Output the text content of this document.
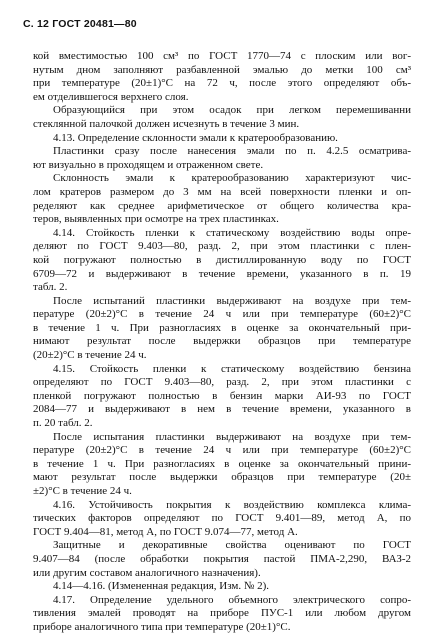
С. 12 ГОСТ 20481—80
кой вместимостью 100 см³ по ГОСТ 1770—74 с плоским или вог-
нутым дном заполняют разбавленной эмалью до метки 100 см³
при температуре (20±1)°С на 72 ч, после этого определяют объ-
ем отделившегося верхнего слоя.
Образующийся при этом осадок при легком перемешиванни
стеклянной палочкой должен исчезнуть в течение 3 мин.
4.13. Определение склонности эмали к кратерообразованию.
Пластинки сразу после нанесения эмали по п. 4.2.5 осматрива-
ют визуально в проходящем и отраженном свете.
Склонность эмали к кратерообразованию характеризуют чис-
лом кратеров размером до 3 мм на всей поверхности пленки и оп-
ределяют как среднее арифметическое от общего количества кра-
теров, выявленных при осмотре на трех пластинках.
4.14. Стойкость пленки к статическому воздействию воды опре-
деляют по ГОСТ 9.403—80, разд. 2, при этом пластинки с плен-
кой погружают полностью в дистиллированную воду по ГОСТ
6709—72 и выдерживают в течение времени, указанного в п. 19
табл. 2.
После испытаний пластинки выдерживают на воздухе при тем-
пературе (20±2)°С в течение 24 ч или при температуре (60±2)°С
в течение 1 ч. При разногласиях в оценке за окончательный при-
нимают результат после выдержки образцов при температуре
(20±2)°С в течение 24 ч.
4.15. Стойкость пленки к статическому воздействию бензина
определяют по ГОСТ 9.403—80, разд. 2, при этом пластинки с
пленкой погружают полностью в бензин марки АИ-93 по ГОСТ
2084—77 и выдерживают в нем в течение времени, указанного в
п. 20 табл. 2.
После испытания пластинки выдерживают на воздухе при тем-
пературе (20±2)°С в течение 24 ч или при температуре (60±2)°С
в течение 1 ч. При разногласиях в оценке за окончательный прини-
мают результат после выдержки образцов при температуре (20±
±2)°С в течение 24 ч.
4.16. Устойчивость покрытия к воздействию комплекса клима-
тических факторов определяют по ГОСТ 9.401—89, метод А, по
ГОСТ 9.404—81, метод А, по ГОСТ 9.074—77, метод А.
Защитные и декоративные свойства оценивают по ГОСТ
9.407—84 (после обработки покрытия пастой ПМА-2,290, ВАЗ-2
или другим составом аналогичного назначения).
4.14—4.16. (Измененная редакция, Изм. № 2).
4.17. Определение удельного объемного электрического сопро-
тивления эмалей проводят на приборе ПУС-1 или любом другом
приборе аналогичного типа при температуре (20±1)°С.
